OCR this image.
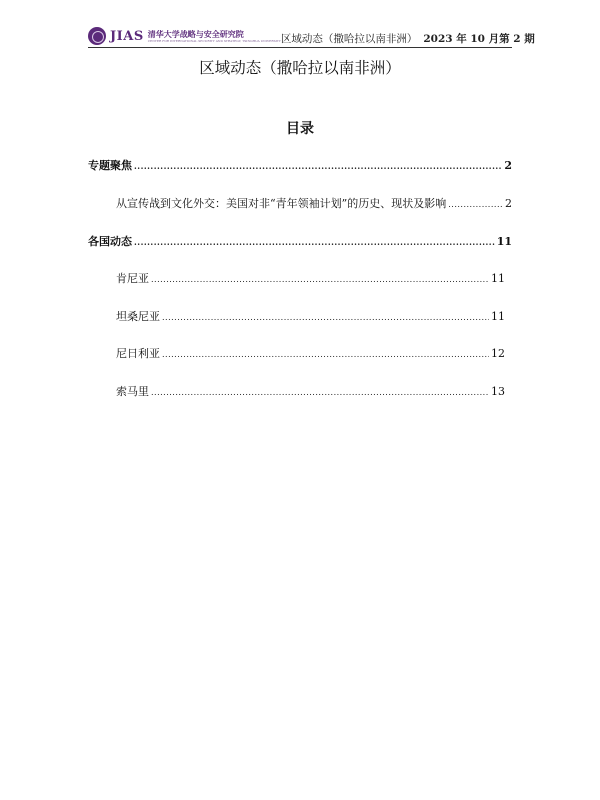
JIAS 清华大学战略与安全研究院
CENTER FOR INTERNATIONAL SECURITY AND STRATEGY, TSINGHUA UNIVERSITY 区域动态（撒哈拉以南非洲） 2023 年 10 月第 2 期
区域动态（撒哈拉以南非洲）
目录
专题聚焦 .....	2
从宣传战到文化外交：美国对非“青年领袖计划”的历史、现状及影响 .....	2
各国动态 .....	11
肯尼亚 .....	11
坦桑尼亚 .....	11
尼日利亚 .....	12
索马里 .....	13
